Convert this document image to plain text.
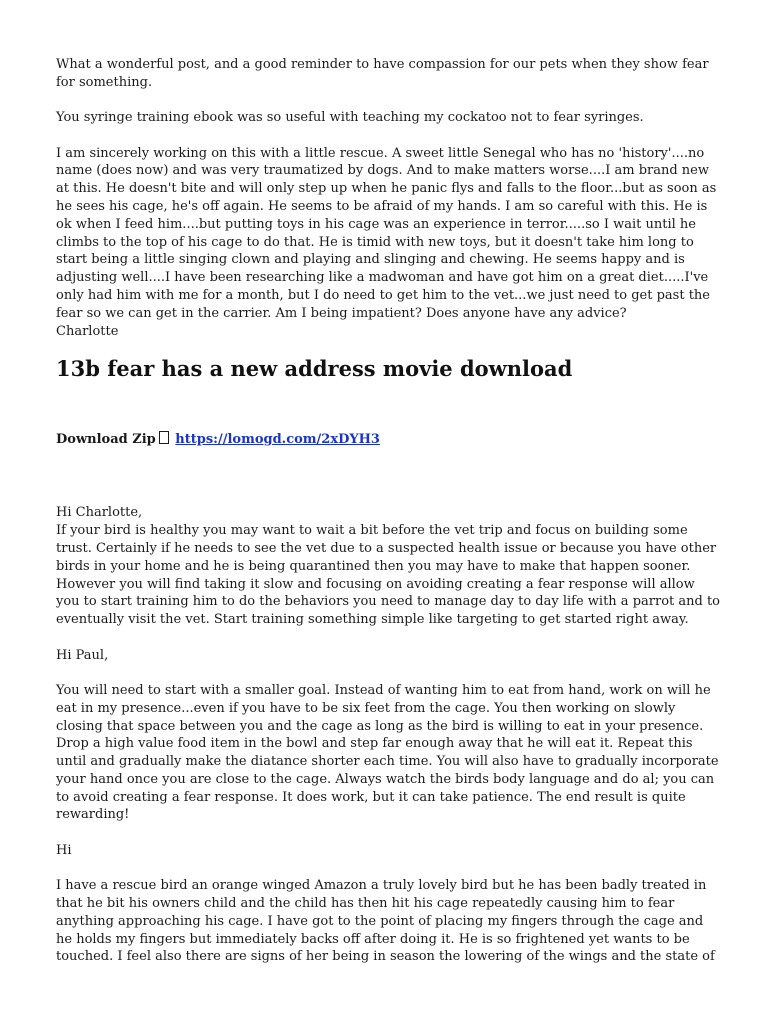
What a wonderful post, and a good reminder to have compassion for our pets when they show fear for something.

You syringe training ebook was so useful with teaching my cockatoo not to fear syringes.

I am sincerely working on this with a little rescue. A sweet little Senegal who has no 'history'....no name (does now) and was very traumatized by dogs. And to make matters worse....I am brand new at this. He doesn't bite and will only step up when he panic flys and falls to the floor...but as soon as he sees his cage, he's off again. He seems to be afraid of my hands. I am so careful with this. He is ok when I feed him....but putting toys in his cage was an experience in terror.....so I wait until he climbs to the top of his cage to do that. He is timid with new toys, but it doesn't take him long to start being a little singing clown and playing and slinging and chewing. He seems happy and is adjusting well....I have been researching like a madwoman and have got him on a great diet.....I've only had him with me for a month, but I do need to get him to the vet...we just need to get past the fear so we can get in the carrier. Am I being impatient? Does anyone have any advice?

Charlotte

13b fear has a new address movie download
Download Zip https://lomogd.com/2xDYH3

Hi Charlotte,

If your bird is healthy you may want to wait a bit before the vet trip and focus on building some trust. Certainly if he needs to see the vet due to a suspected health issue or because you have other birds in your home and he is being quarantined then you may have to make that happen sooner. However you will find taking it slow and focusing on avoiding creating a fear response will allow you to start training him to do the behaviors you need to manage day to day life with a parrot and to eventually visit the vet. Start training something simple like targeting to get started right away.

Hi Paul,

You will need to start with a smaller goal. Instead of wanting him to eat from hand, work on will he eat in my presence...even if you have to be six feet from the cage. You then working on slowly closing that space between you and the cage as long as the bird is willing to eat in your presence. Drop a high value food item in the bowl and step far enough away that he will eat it. Repeat this until and gradually make the diatance shorter each time. You will also have to gradually incorporate your hand once you are close to the cage. Always watch the birds body language and do al; you can to avoid creating a fear response. It does work, but it can take patience. The end result is quite rewarding!

Hi

I have a rescue bird an orange winged Amazon a truly lovely bird but he has been badly treated in that he bit his owners child and the child has then hit his cage repeatedly causing him to fear anything approaching his cage. I have got to the point of placing my fingers through the cage and he holds my fingers but immediately backs off after doing it. He is so frightened yet wants to be touched. I feel also there are signs of her being in season the lowering of the wings and the state of
